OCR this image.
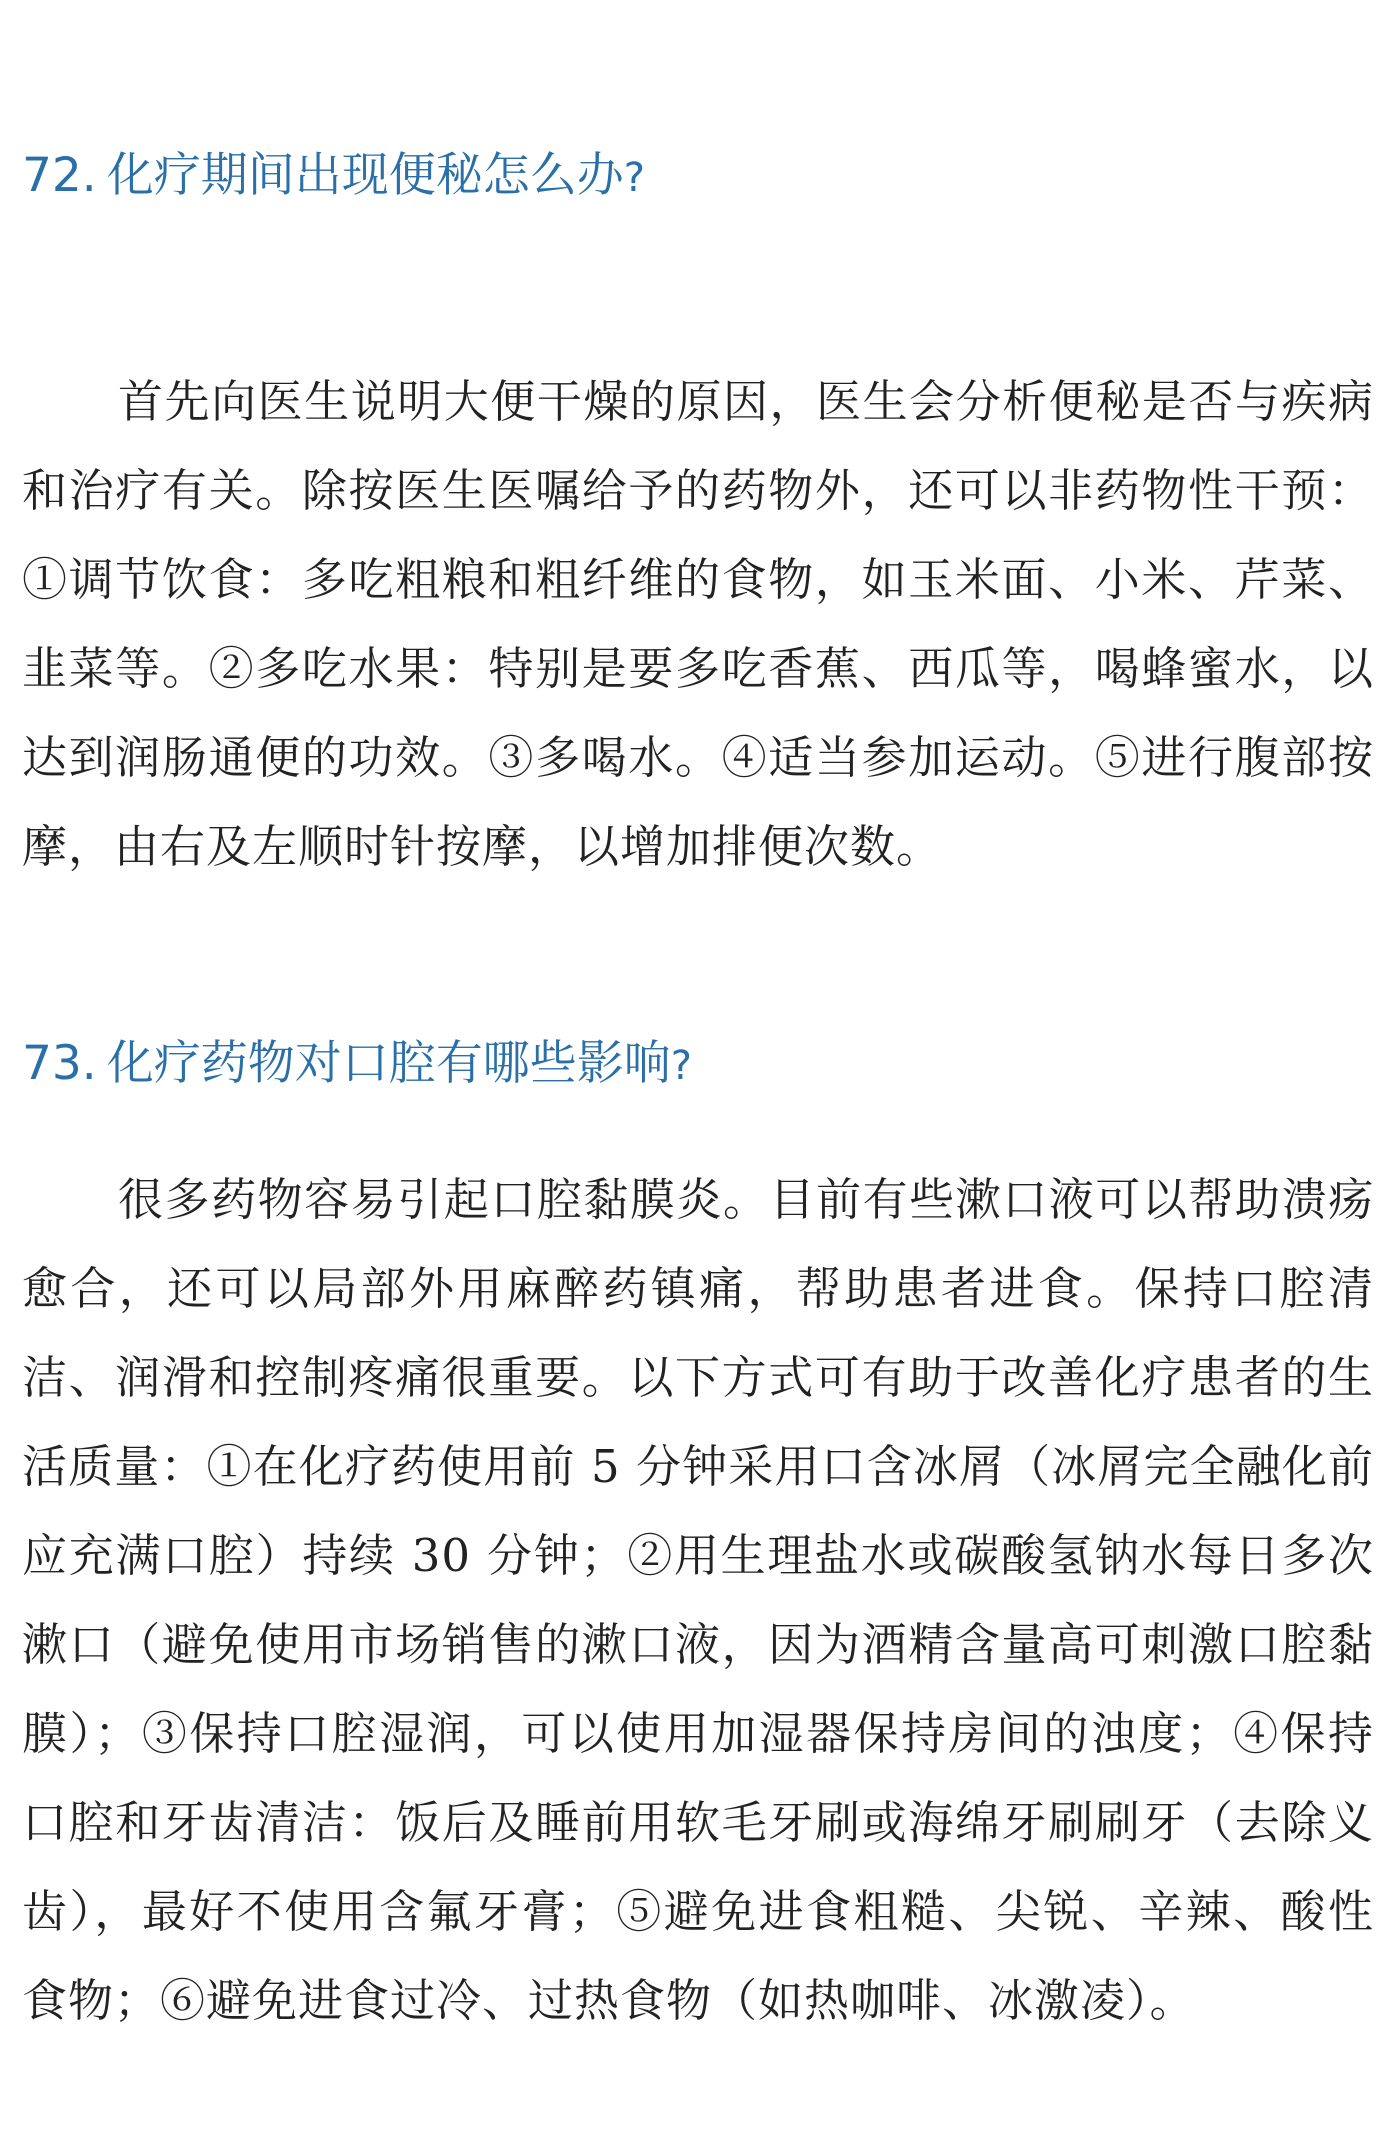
72. 化疗期间出现便秘怎么办?

首先向医生说明大便干燥的原因，医生会分析便秘是否与疾病和治疗有关。除按医生医嘱给予的药物外，还可以非药物性干预：①调节饮食：多吃粗粮和粗纤维的食物，如玉米面、小米、芹菜、韭菜等。②多吃水果：特别是要多吃香蕉、西瓜等，喝蜂蜜水，以达到润肠通便的功效。③多喝水。④适当参加运动。⑤进行腹部按摩，由右及左顺时针按摩，以增加排便次数。

73. 化疗药物对口腔有哪些影响?

很多药物容易引起口腔黏膜炎。目前有些漱口液可以帮助溃疡愈合，还可以局部外用麻醉药镇痛，帮助患者进食。保持口腔清洁、润滑和控制疼痛很重要。以下方式可有助于改善化疗患者的生活质量：①在化疗药使用前 5 分钟采用口含冰屑（冰屑完全融化前应充满口腔）持续 30 分钟；②用生理盐水或碳酸氢钠水每日多次漱口（避免使用市场销售的漱口液，因为酒精含量高可刺激口腔黏膜）；③保持口腔湿润，可以使用加湿器保持房间的浊度；④保持口腔和牙齿清洁：饭后及睡前用软毛牙刷或海绵牙刷刷牙（去除义齿），最好不使用含氟牙膏；⑤避免进食粗糙、尖锐、辛辣、酸性食物；⑥避免进食过冷、过热食物（如热咖啡、冰激凌）。
